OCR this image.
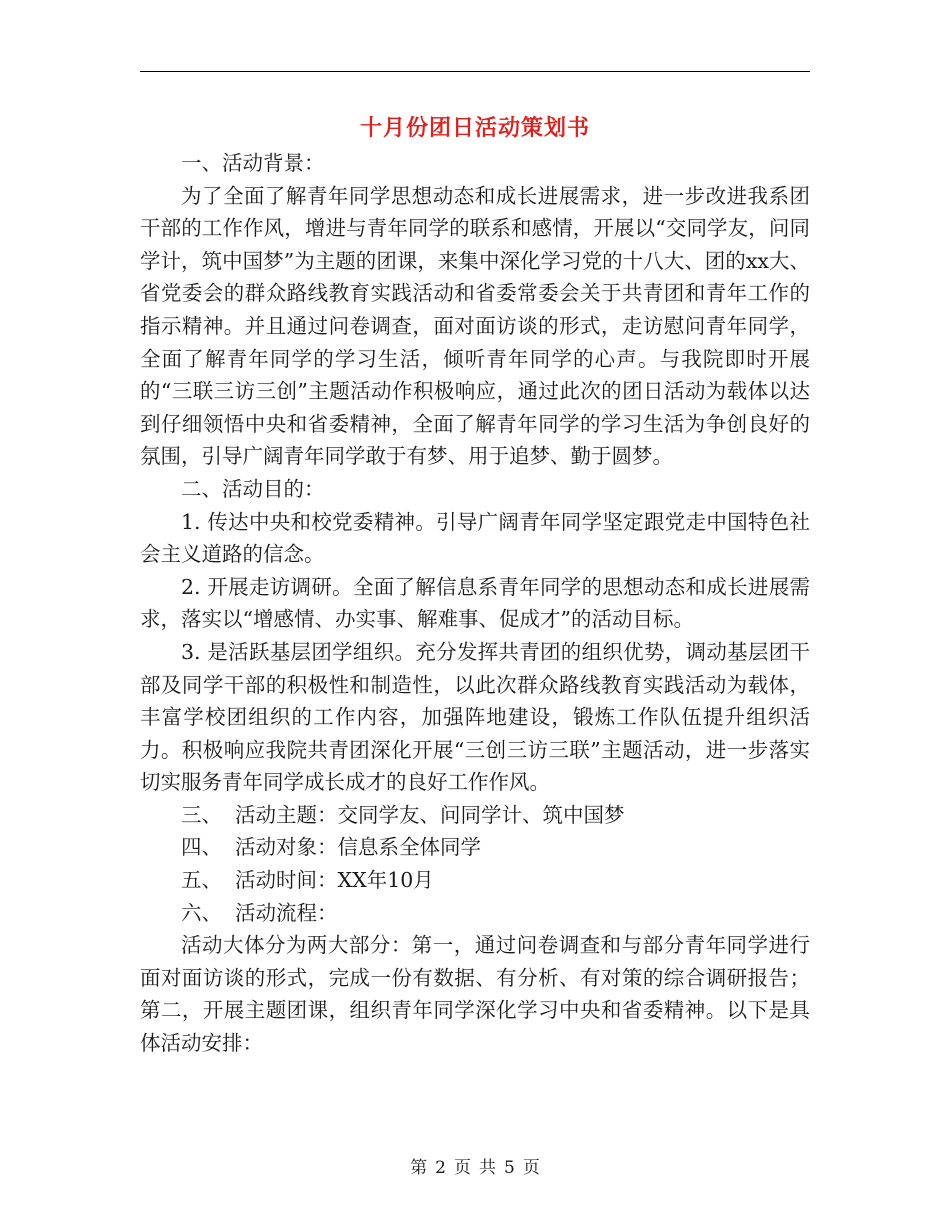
十月份团日活动策划书

一、活动背景：

为了全面了解青年同学思想动态和成长进展需求，进一步改进我系团干部的工作作风，增进与青年同学的联系和感情，开展以“交同学友，问同学计，筑中国梦”为主题的团课，来集中深化学习党的十八大、团的xx大、省党委会的群众路线教育实践活动和省委常委会关于共青团和青年工作的指示精神。并且通过问卷调查，面对面访谈的形式，走访慰问青年同学，全面了解青年同学的学习生活，倾听青年同学的心声。与我院即时开展的“三联三访三创”主题活动作积极响应，通过此次的团日活动为载体以达到仔细领悟中央和省委精神，全面了解青年同学的学习生活为争创良好的氛围，引导广阔青年同学敢于有梦、用于追梦、勤于圆梦。

二、活动目的：

1. 传达中央和校党委精神。引导广阔青年同学坚定跟党走中国特色社会主义道路的信念。

2. 开展走访调研。全面了解信息系青年同学的思想动态和成长进展需求，落实以“增感情、办实事、解难事、促成才”的活动目标。

3. 是活跃基层团学组织。充分发挥共青团的组织优势，调动基层团干部及同学干部的积极性和制造性，以此次群众路线教育实践活动为载体，丰富学校团组织的工作内容，加强阵地建设，锻炼工作队伍提升组织活力。积极响应我院共青团深化开展“三创三访三联”主题活动，进一步落实切实服务青年同学成长成才的良好工作作风。

三、  活动主题：交同学友、问同学计、筑中国梦

四、  活动对象：信息系全体同学

五、  活动时间：XX年10月

六、  活动流程：

活动大体分为两大部分：第一，通过问卷调查和与部分青年同学进行面对面访谈的形式，完成一份有数据、有分析、有对策的综合调研报告；第二，开展主题团课，组织青年同学深化学习中央和省委精神。以下是具体活动安排：

第 2 页 共 5 页
